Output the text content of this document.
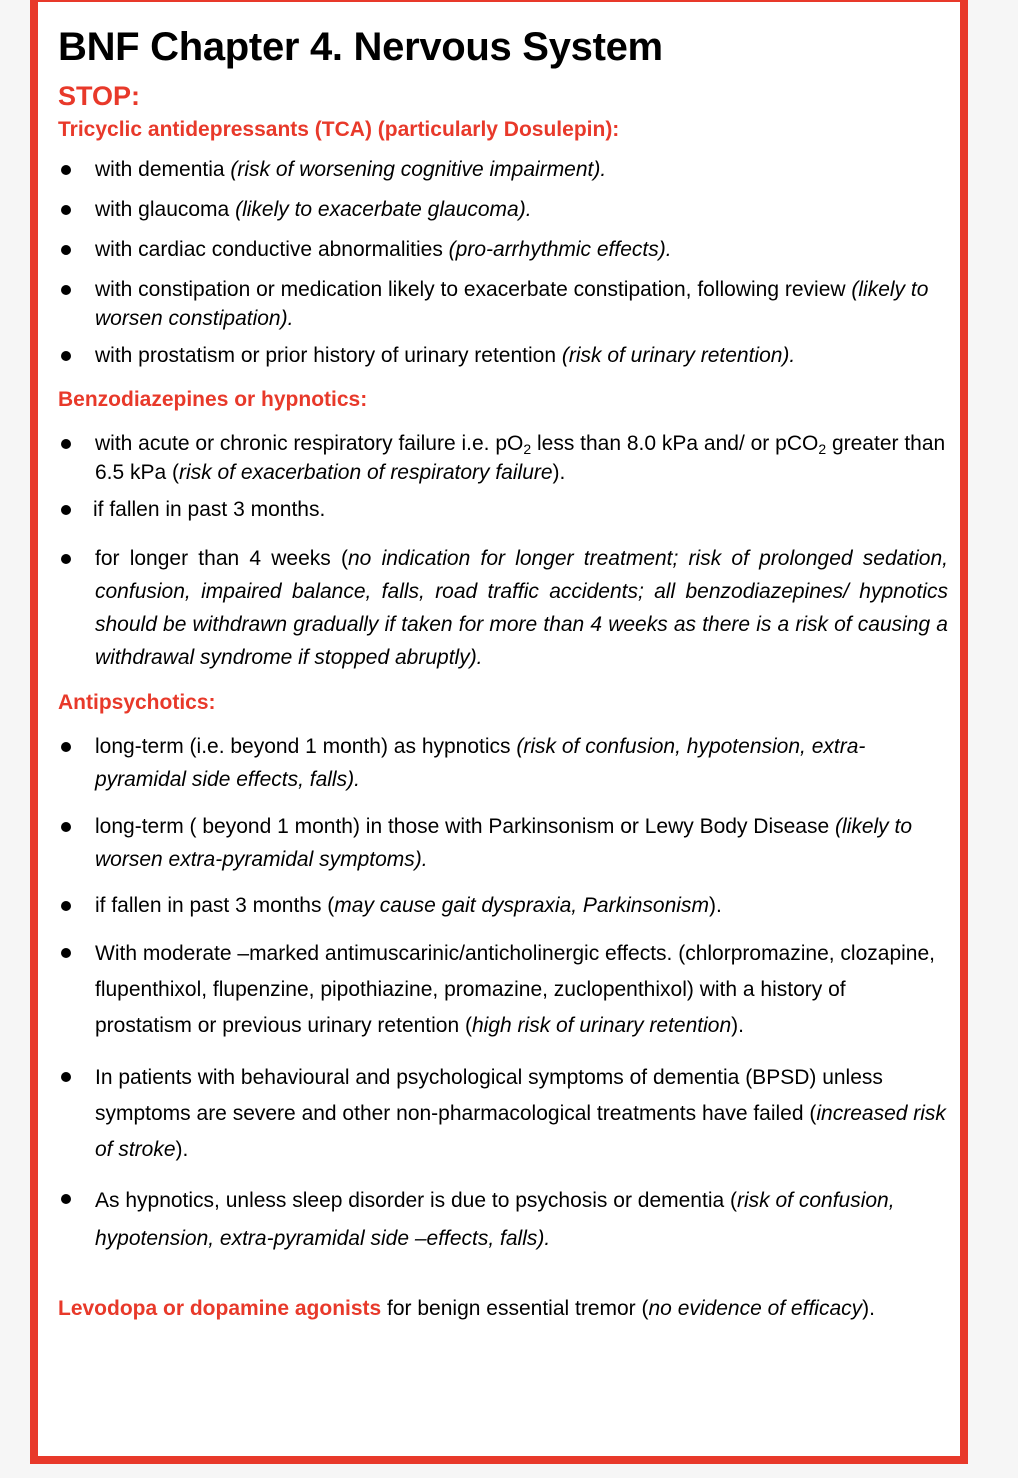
BNF Chapter 4. Nervous System
STOP:
Tricyclic antidepressants (TCA) (particularly Dosulepin):
with dementia (risk of worsening cognitive impairment).
with glaucoma (likely to exacerbate glaucoma).
with cardiac conductive abnormalities (pro-arrhythmic effects).
with constipation or medication likely to exacerbate constipation, following review (likely to worsen constipation).
with prostatism or prior history of urinary retention (risk of urinary retention).
Benzodiazepines or hypnotics:
with acute or chronic respiratory failure i.e. $pO_2$ less than 8.0 kPa and/ or pCO$_2$ greater than 6.5 kPa (risk of exacerbation of respiratory failure).
if fallen in past 3 months.
for longer than 4 weeks (no indication for longer treatment; risk of prolonged sedation, confusion, impaired balance, falls, road traffic accidents; all benzodiazepines/ hypnotics should be withdrawn gradually if taken for more than 4 weeks as there is a risk of causing a withdrawal syndrome if stopped abruptly).
Antipsychotics:
long-term (i.e. beyond 1 month) as hypnotics (risk of confusion, hypotension, extra-pyramidal side effects, falls).
long-term ( beyond 1 month) in those with Parkinsonism or Lewy Body Disease (likely to worsen extra-pyramidal symptoms).
if fallen in past 3 months (may cause gait dyspraxia, Parkinsonism).
With moderate –marked antimuscarinic/anticholinergic effects. (chlorpromazine, clozapine, flupenthixol, flupenzine, pipothiazine, promazine, zuclopenthixol) with a history of prostatism or previous urinary retention (high risk of urinary retention).
In patients with behavioural and psychological symptoms of dementia (BPSD) unless symptoms are severe and other non-pharmacological treatments have failed (increased risk of stroke).
As hypnotics, unless sleep disorder is due to psychosis or dementia (risk of confusion, hypotension, extra-pyramidal side –effects, falls).
Levodopa or dopamine agonists for benign essential tremor (no evidence of efficacy).
